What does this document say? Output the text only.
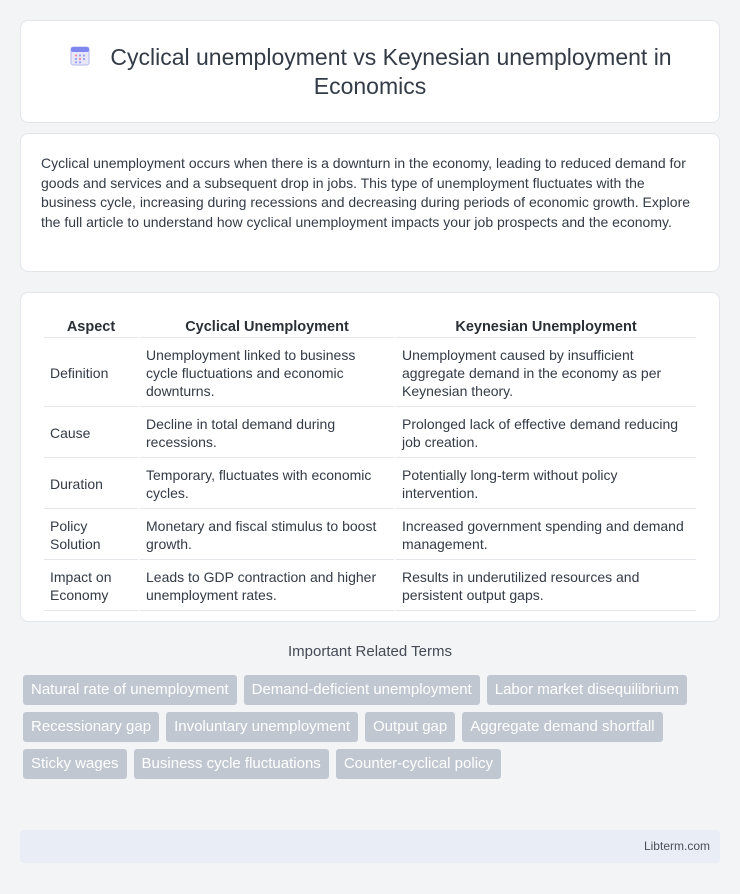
Cyclical unemployment vs Keynesian unemployment in Economics

Cyclical unemployment occurs when there is a downturn in the economy, leading to reduced demand for goods and services and a subsequent drop in jobs. This type of unemployment fluctuates with the business cycle, increasing during recessions and decreasing during periods of economic growth. Explore the full article to understand how cyclical unemployment impacts your job prospects and the economy.

Aspect	Cyclical Unemployment	Keynesian Unemployment
Definition	Unemployment linked to business cycle fluctuations and economic downturns.	Unemployment caused by insufficient aggregate demand in the economy as per Keynesian theory.
Cause	Decline in total demand during recessions.	Prolonged lack of effective demand reducing job creation.
Duration	Temporary, fluctuates with economic cycles.	Potentially long-term without policy intervention.
Policy Solution	Monetary and fiscal stimulus to boost growth.	Increased government spending and demand management.
Impact on Economy	Leads to GDP contraction and higher unemployment rates.	Results in underutilized resources and persistent output gaps.
Important Related Terms
Natural rate of unemployment	Demand-deficient unemployment	Labor market disequilibrium
Recessionary gap	Involuntary unemployment	Output gap	Aggregate demand shortfall
Sticky wages	Business cycle fluctuations	Counter-cyclical policy
Libterm.com
